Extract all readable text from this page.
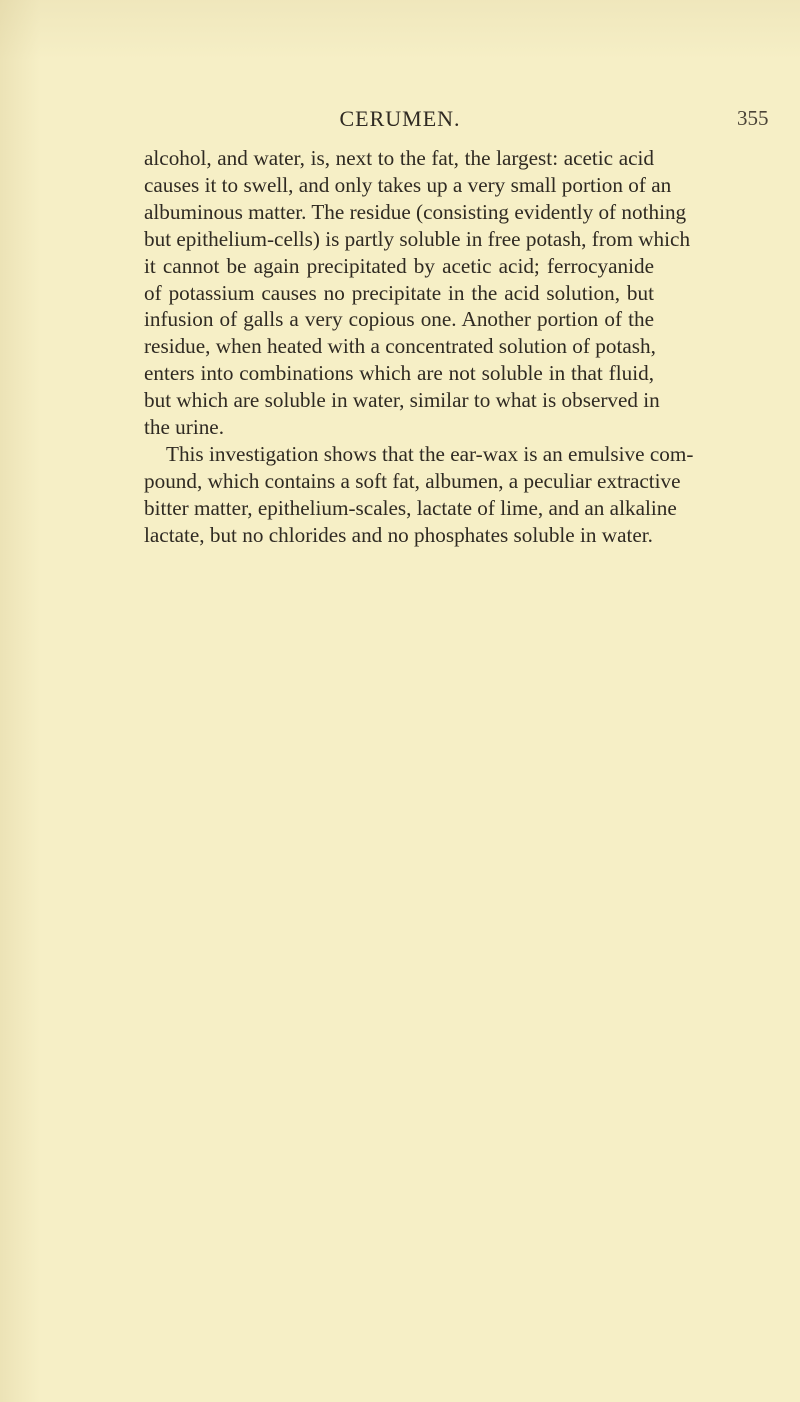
CERUMEN.	355
alcohol, and water, is, next to the fat, the largest: acetic acid
causes it to swell, and only takes up a very small portion of an
albuminous matter. The residue (consisting evidently of nothing
but epithelium-cells) is partly soluble in free potash, from which
it cannot be again precipitated by acetic acid; ferrocyanide
of potassium causes no precipitate in the acid solution, but
infusion of galls a very copious one. Another portion of the
residue, when heated with a concentrated solution of potash,
enters into combinations which are not soluble in that fluid,
but which are soluble in water, similar to what is observed in
the urine.
This investigation shows that the ear-wax is an emulsive com-
pound, which contains a soft fat, albumen, a peculiar extractive
bitter matter, epithelium-scales, lactate of lime, and an alkaline
lactate, but no chlorides and no phosphates soluble in water.
